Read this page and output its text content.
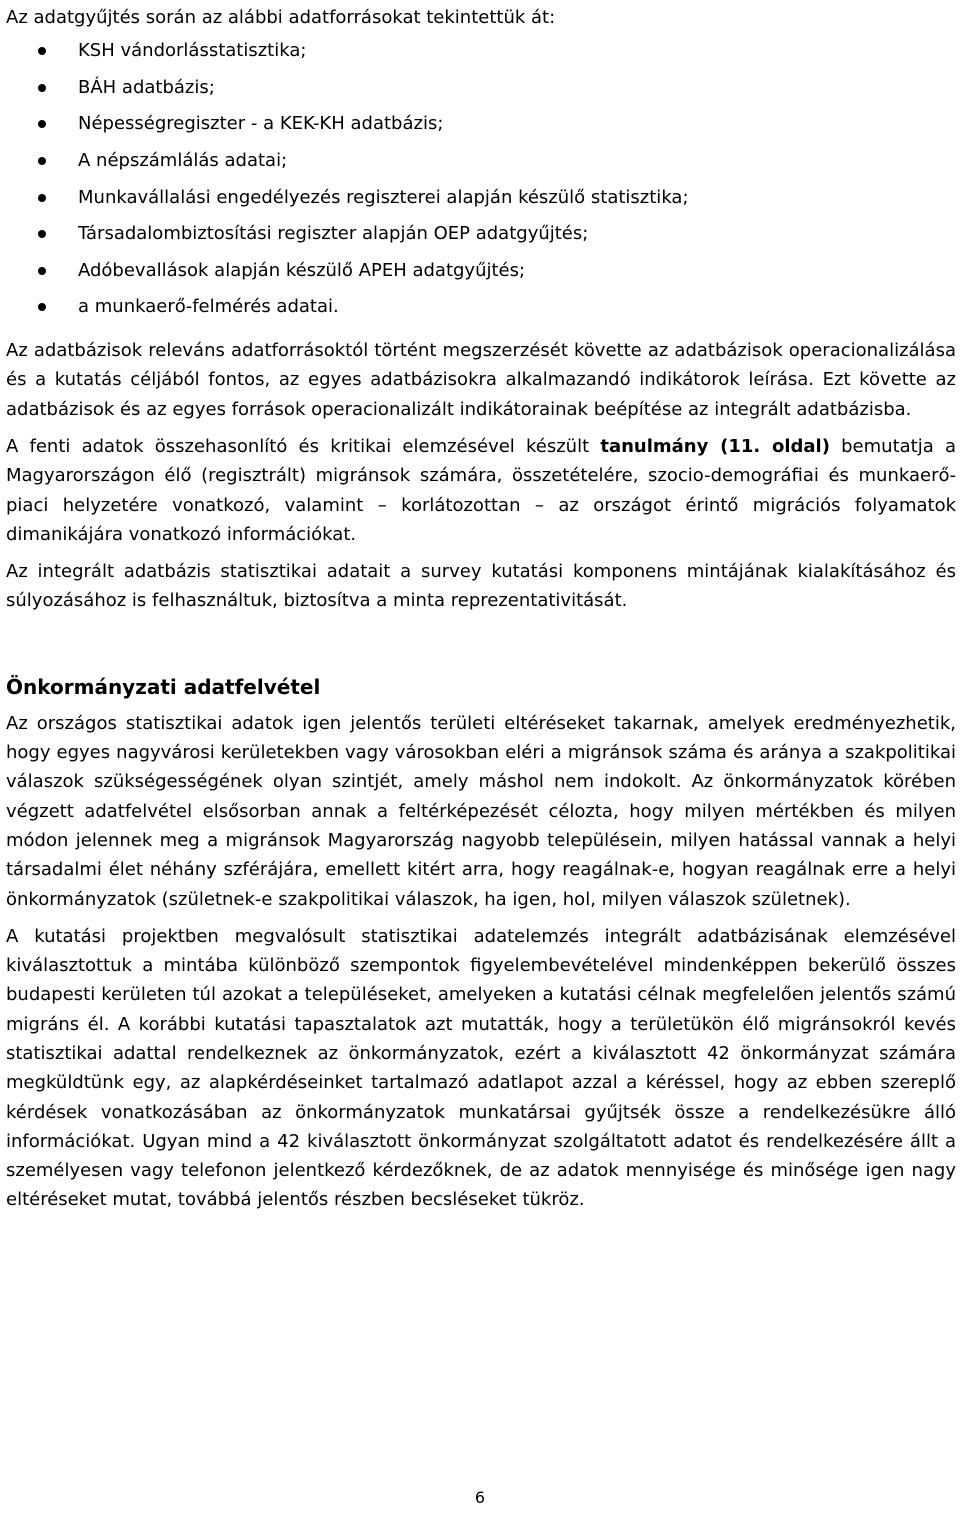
Az adatgyűjtés során az alábbi adatforrásokat tekintettük át:

KSH vándorlásstatisztika;
BÁH adatbázis;
Népességregiszter - a KEK-KH adatbázis;
A népszámlálás adatai;
Munkavállalási engedélyezés regiszterei alapján készülő statisztika;
Társadalombiztosítási regiszter alapján OEP adatgyűjtés;
Adóbevallások alapján készülő APEH adatgyűjtés;
a munkaerő-felmérés adatai.

Az adatbázisok releváns adatforrásoktól történt megszerzését követte az adatbázisok operacionalizálása és a kutatás céljából fontos, az egyes adatbázisokra alkalmazandó indikátorok leírása. Ezt követte az adatbázisok és az egyes források operacionalizált indikátorainak beépítése az integrált adatbázisba.

A fenti adatok összehasonlító és kritikai elemzésével készült tanulmány (11. oldal) bemutatja a Magyarországon élő (regisztrált) migránsok számára, összetételére, szocio-demográfiai és munkaerő-piaci helyzetére vonatkozó, valamint – korlátozottan – az országot érintő migrációs folyamatok dimanikájára vonatkozó információkat.

Az integrált adatbázis statisztikai adatait a survey kutatási komponens mintájának kialakításához és súlyozásához is felhasználtuk, biztosítva a minta reprezentativitását.

Önkormányzati adatfelvétel

Az országos statisztikai adatok igen jelentős területi eltéréseket takarnak, amelyek eredményezhetik, hogy egyes nagyvárosi kerületekben vagy városokban eléri a migránsok száma és aránya a szakpolitikai válaszok szükségességének olyan szintjét, amely máshol nem indokolt. Az önkormányzatok körében végzett adatfelvétel elsősorban annak a feltérképezését célozta, hogy milyen mértékben és milyen módon jelennek meg a migránsok Magyarország nagyobb településein, milyen hatással vannak a helyi társadalmi élet néhány szférájára, emellett kitért arra, hogy reagálnak-e, hogyan reagálnak erre a helyi önkormányzatok (születnek-e szakpolitikai válaszok, ha igen, hol, milyen válaszok születnek).

A kutatási projektben megvalósult statisztikai adatelemzés integrált adatbázisának elemzésével kiválasztottuk a mintába különböző szempontok figyelembevételével mindenképpen bekerülő összes budapesti kerületen túl azokat a településeket, amelyeken a kutatási célnak megfelelően jelentős számú migráns él. A korábbi kutatási tapasztalatok azt mutatták, hogy a területükön élő migránsokról kevés statisztikai adattal rendelkeznek az önkormányzatok, ezért a kiválasztott 42 önkormányzat számára megküldtünk egy, az alapkérdéseinket tartalmazó adatlapot azzal a kéréssel, hogy az ebben szereplő kérdések vonatkozásában az önkormányzatok munkatársai gyűjtsék össze a rendelkezésükre álló információkat. Ugyan mind a 42 kiválasztott önkormányzat szolgáltatott adatot és rendelkezésére állt a személyesen vagy telefonon jelentkező kérdezőknek, de az adatok mennyisége és minősége igen nagy eltéréseket mutat, továbbá jelentős részben becsléseket tükröz.

6
